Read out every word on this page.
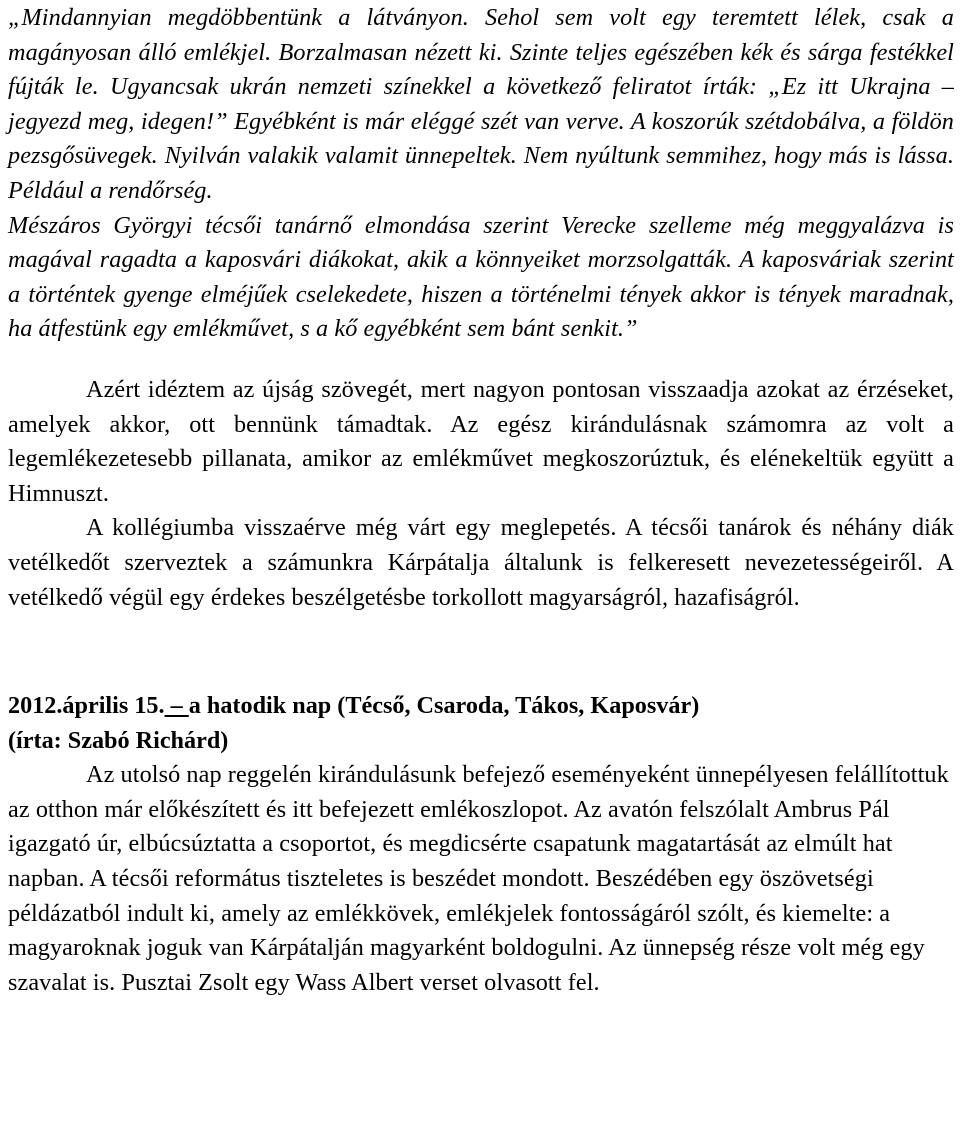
„Mindannyian megdöbbentünk a látványon. Sehol sem volt egy teremtett lélek, csak a magányosan álló emlékjel. Borzalmasan nézett ki. Szinte teljes egészében kék és sárga festékkel fújták le. Ugyancsak ukrán nemzeti színekkel a következő feliratot írták: „Ez itt Ukrajna – jegyezd meg, idegen!” Egyébként is már eléggé szét van verve. A koszorúk szétdobálva, a földön pezsgősüvegek. Nyilván valakik valamit ünnepeltek. Nem nyúltunk semmihez, hogy más is lássa. Például a rendőrség.

Mészáros Györgyi técsői tanárnő elmondása szerint Verecke szelleme még meggyalázva is magával ragadta a kaposvári diákokat, akik a könnyeiket morzsolgatták. A kaposváriak szerint a történtek gyenge elméjűek cselekedete, hiszen a történelmi tények akkor is tények maradnak, ha átfestünk egy emlékművet, s a kő egyébként sem bánt senkit.”

Azért idéztem az újság szövegét, mert nagyon pontosan visszaadja azokat az érzéseket, amelyek akkor, ott bennünk támadtak. Az egész kirándulásnak számomra az volt a legemlékezetesebb pillanata, amikor az emlékművet megkoszorúztuk, és elénekeltük együtt a Himnuszt.

A kollégiumba visszaérve még várt egy meglepetés. A técsői tanárok és néhány diák vetélkedőt szerveztek a számunkra Kárpátalja általunk is felkeresett nevezetességeiről. A vetélkedő végül egy érdekes beszélgetésbe torkollott magyarságról, hazafiságról.

2012.április 15. – a hatodik nap (Técső, Csaroda, Tákos, Kaposvár)

(írta: Szabó Richárd)

Az utolsó nap reggelén kirándulásunk befejező eseményeként ünnepélyesen felállítottuk az otthon már előkészített és itt befejezett emlékoszlopot. Az avatón felszólalt Ambrus Pál igazgató úr, elbúcsúztatta a csoportot, és megdicsérte csapatunk magatartását az elmúlt hat napban. A técsői református tiszteletes is beszédet mondott. Beszédében egy öszövetségi példázatból indult ki, amely az emlékkövek, emlékjelek fontosságáról szólt, és kiemelte: a magyaroknak joguk van Kárpátalján magyarként boldogulni. Az ünnepség része volt még egy szavalat is. Pusztai Zsolt egy Wass Albert verset olvasott fel.
